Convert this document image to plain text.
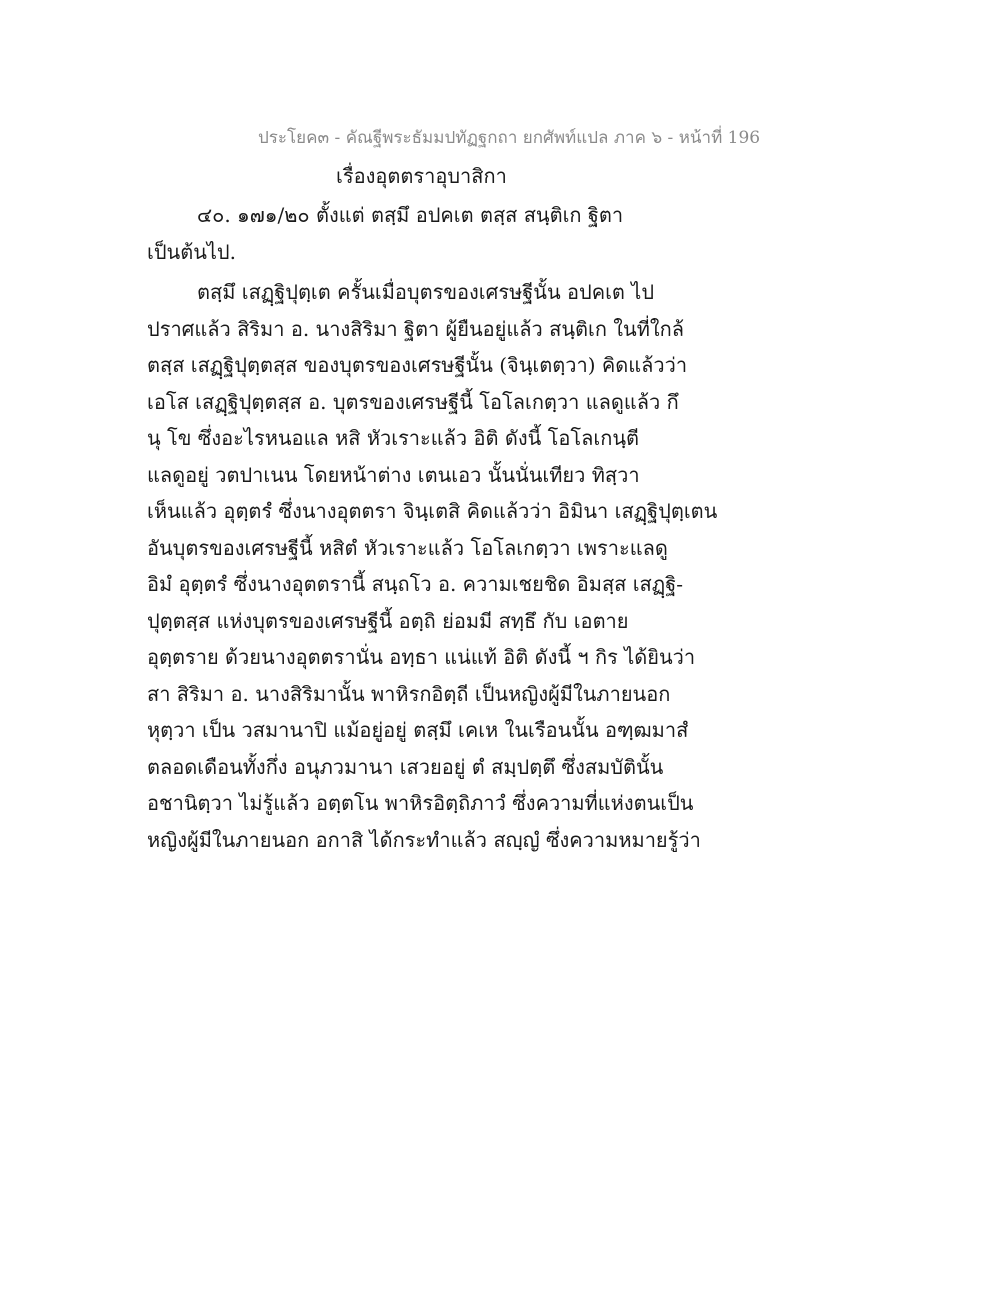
ประโยค๓ - คัณฐีพระธัมมปทัฏฐกถา ยกศัพท์แปล ภาค ๖ - หน้าที่ 196
เรื่องอุตตราอุบาสิกา
๔๐. ๑๗๑/๒๐ ตั้งแต่ ตสฺมึ อปคเต ตสฺส สนฺติเก ฐิตา
เป็นต้นไป.
ตสฺมึ เสฏฺฐิปุตฺเต ครั้นเมื่อบุตรของเศรษฐีนั้น อปคเต ไป
ปราศแล้ว สิริมา อ. นางสิริมา ฐิตา ผู้ยืนอยู่แล้ว สนฺติเก ในที่ใกล้
ตสฺส เสฏฺฐิปุตฺตสฺส ของบุตรของเศรษฐีนั้น (จินฺเตตฺวา) คิดแล้วว่า
เอโส เสฏฺฐิปุตฺตสฺส อ. บุตรของเศรษฐีนี้ โอโลเกตฺวา แลดูแล้ว กึ
นุ โข ซึ่งอะไรหนอแล หสิ หัวเราะแล้ว อิติ ดังนี้ โอโลเกนฺตี
แลดูอยู่ วตปาเนน โดยหน้าต่าง เตนเอว นั้นนั่นเทียว ทิสฺวา
เห็นแล้ว อุตฺตรํ ซึ่งนางอุตตรา จินฺเตสิ คิดแล้วว่า อิมินา เสฏฺฐิปุตฺเตน
อันบุตรของเศรษฐีนี้ หสิตํ หัวเราะแล้ว โอโลเกตฺวา เพราะแลดู
อิมํ อุตฺตรํ ซึ่งนางอุตตรานี้ สนฺถโว อ. ความเชยชิด อิมสฺส เสฏฺฐิ-
ปุตฺตสฺส แห่งบุตรของเศรษฐีนี้ อตฺถิ ย่อมมี สทฺธึ กับ เอตาย
อุตฺตราย ด้วยนางอุตตรานั่น อทฺธา แน่แท้ อิติ ดังนี้ ฯ กิร ได้ยินว่า
สา สิริมา อ. นางสิริมานั้น พาหิรกอิตฺถี เป็นหญิงผู้มีในภายนอก
หุตฺวา เป็น วสมานาปิ แม้อยู่อยู่ ตสฺมึ เคเห ในเรือนนั้น อฑฺฒมาสํ
ตลอดเดือนทั้งกึ่ง อนุภวมานา เสวยอยู่ ตํ สมฺปตฺตึ ซึ่งสมบัตินั้น
อชานิตฺวา ไม่รู้แล้ว อตฺตโน พาหิรอิตฺถิภาวํ ซึ่งความที่แห่งตนเป็น
หญิงผู้มีในภายนอก อกาสิ ได้กระทำแล้ว สญฺญํ ซึ่งความหมายรู้ว่า
